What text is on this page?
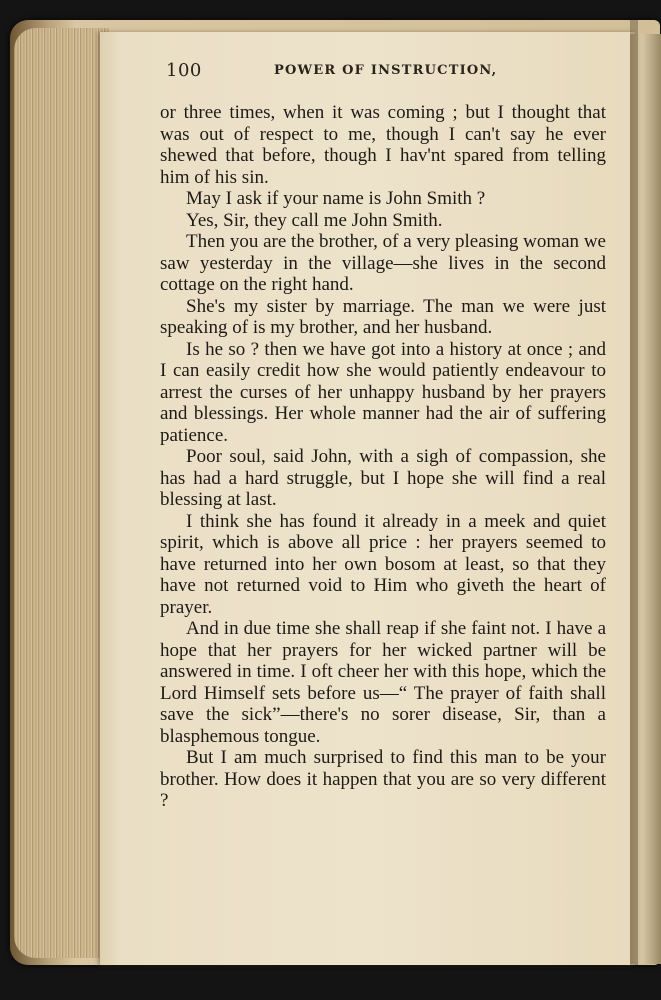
100	POWER OF INSTRUCTION,

or three times, when it was coming ; but I thought that was out of respect to me, though I can't say he ever shewed that before, though I hav'nt spared from telling him of his sin.

May I ask if your name is John Smith ?

Yes, Sir, they call me John Smith.

Then you are the brother, of a very pleasing woman we saw yesterday in the village—she lives in the second cottage on the right hand.

She's my sister by marriage. The man we were just speaking of is my brother, and her husband.

Is he so ? then we have got into a history at once ; and I can easily credit how she would patiently endeavour to arrest the curses of her unhappy husband by her prayers and blessings. Her whole manner had the air of suffering patience.

Poor soul, said John, with a sigh of compassion, she has had a hard struggle, but I hope she will find a real blessing at last.

I think she has found it already in a meek and quiet spirit, which is above all price : her prayers seemed to have returned into her own bosom at least, so that they have not returned void to Him who giveth the heart of prayer.

And in due time she shall reap if she faint not. I have a hope that her prayers for her wicked partner will be answered in time. I oft cheer her with this hope, which the Lord Himself sets before us—“ The prayer of faith shall save the sick”—there's no sorer disease, Sir, than a blasphemous tongue.

But I am much surprised to find this man to be your brother. How does it happen that you are so very different ?
